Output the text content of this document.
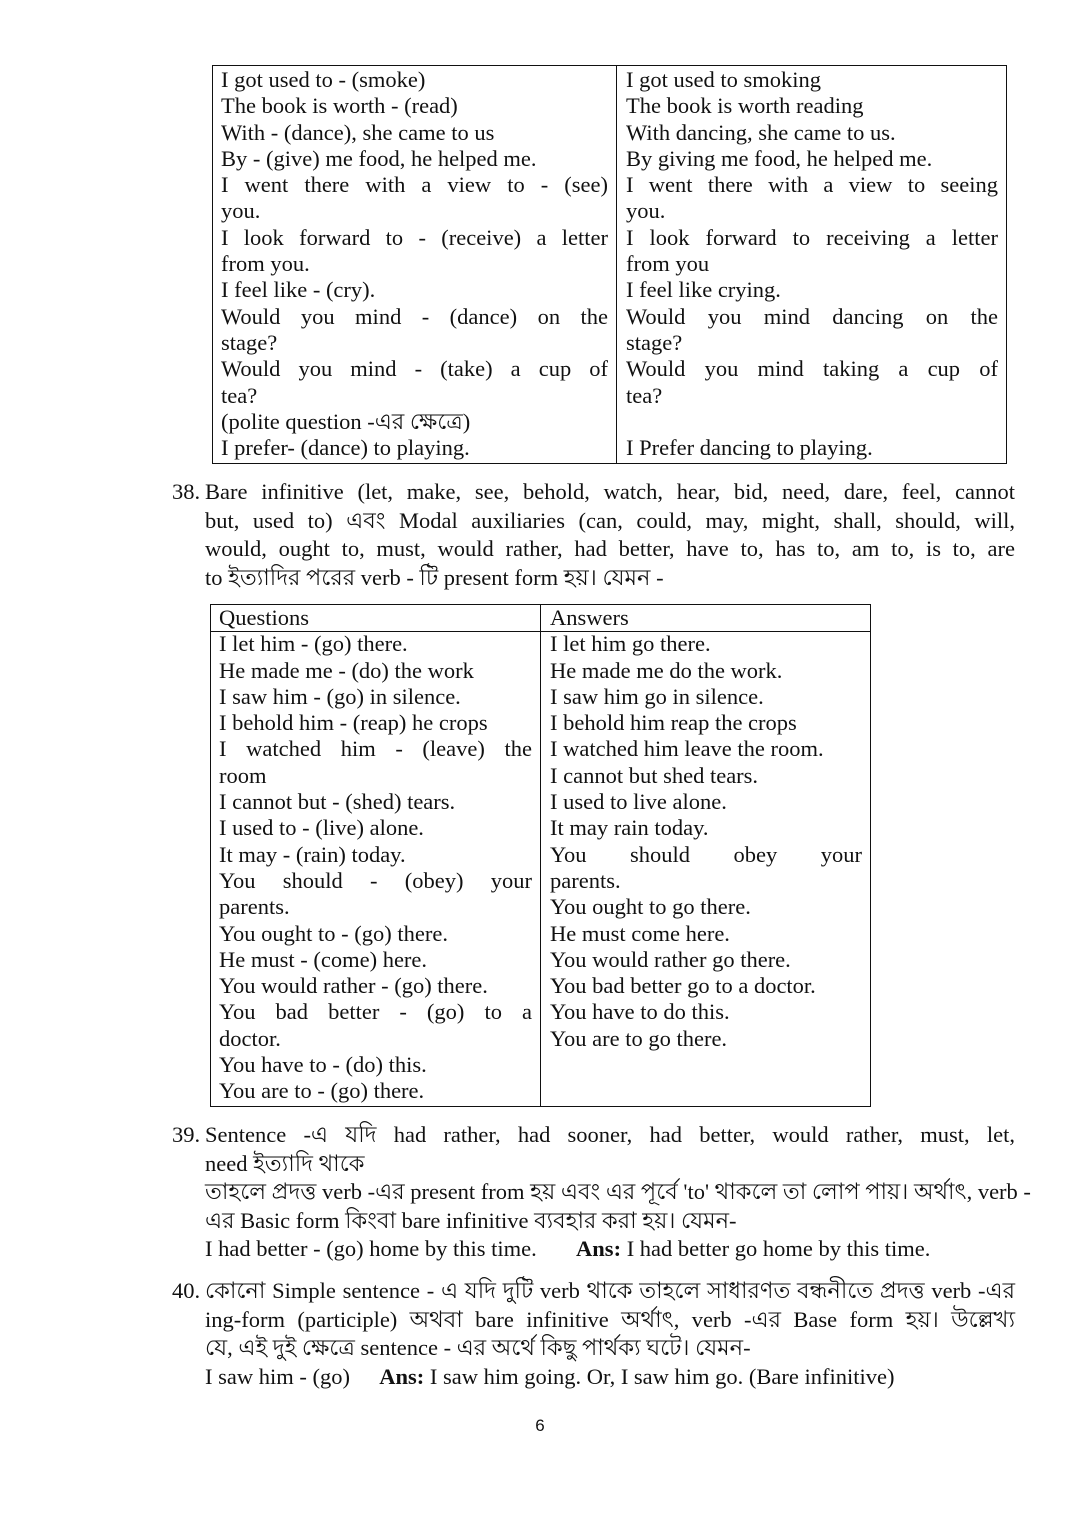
I got used to - (smoke)
The book is worth - (read)
With - (dance), she came to us
By - (give) me food, he helped me.
I went there with a view to - (see)
you.
I look forward to - (receive) a letter
from you.
I feel like - (cry).
Would you mind - (dance) on the
stage?
Would you mind - (take) a cup of
tea?
(polite question -এর ক্ষেত্রে)
I prefer- (dance) to playing.
I got used to smoking
The book is worth reading
With dancing, she came to us.
By giving me food, he helped me.
I went there with a view to seeing
you.
I look forward to receiving a letter
from you
I feel like crying.
Would you mind dancing on the
stage?
Would you mind taking a cup of
tea?

I Prefer dancing to playing.
38. Bare infinitive (let, make, see, behold, watch, hear, bid, need, dare, feel, cannot
but, used to) এবং Modal auxiliaries (can, could, may, might, shall, should, will,
would, ought to, must, would rather, had better, have to, has to, am to, is to, are
to ইত্যাদির পরের verb - টি present form হয়। যেমন -
Questions
I let him - (go) there.
He made me - (do) the work
I saw him - (go) in silence.
I behold him - (reap) he crops
I watched him - (leave) the
room
I cannot but - (shed) tears.
I used to - (live) alone.
It may - (rain) today.
You should - (obey) your
parents.
You ought to - (go) there.
He must - (come) here.
You would rather - (go) there.
You bad better - (go) to a
doctor.
You have to - (do) this.
You are to - (go) there.
Answers
I let him go there.
He made me do the work.
I saw him go in silence.
I behold him reap the crops
I watched him leave the room.
I cannot but shed tears.
I used to live alone.
It may rain today.
You should obey your
parents.
You ought to go there.
He must come here.
You would rather go there.
You bad better go to a doctor.
You have to do this.
You are to go there.
39. Sentence -এ যদি had rather, had sooner, had better, would rather, must, let,
need ইত্যাদি থাকে
তাহলে প্রদত্ত verb -এর present from হয় এবং এর পূর্বে 'to' থাকলে তা লোপ পায়। অর্থাৎ, verb -
এর Basic form কিংবা bare infinitive ব্যবহার করা হয়। যেমন-
I had better - (go) home by this time. Ans: I had better go home by this time.
40. কোনো Simple sentence - এ যদি দুটি verb থাকে তাহলে সাধারণত বন্ধনীতে প্রদত্ত verb -এর
ing-form (participle) অথবা bare infinitive অর্থাৎ, verb -এর Base form হয়। উল্লেখ্য
যে, এই দুই ক্ষেত্রে sentence - এর অর্থে কিছু পার্থক্য ঘটে। যেমন-
I saw him - (go) Ans: I saw him going. Or, I saw him go. (Bare infinitive)
6
